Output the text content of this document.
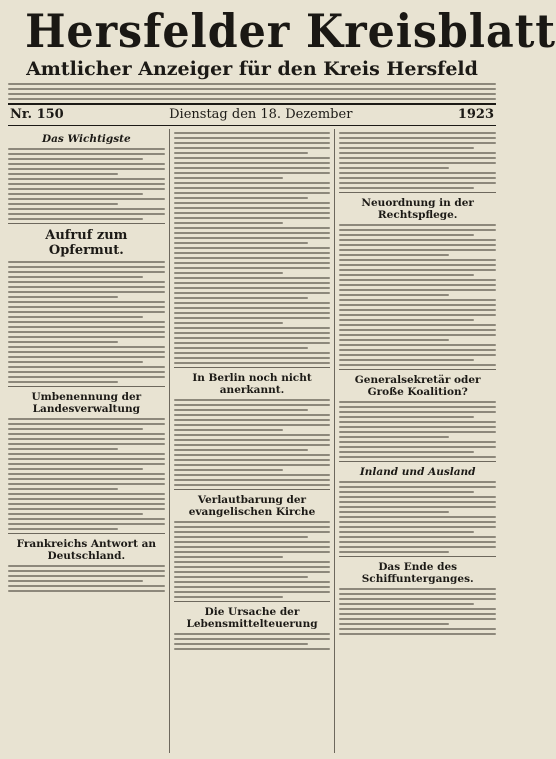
Hersfelder Kreisblatt
Amtlicher Anzeiger für den Kreis Hersfeld
Nr. 150	Dienstag den 18. Dezember	1923
Das Wichtigste
Aufruf zum Opfermut.
Umbenennung der Landesverwaltung
Frankreichs Antwort an Deutschland.
In Berlin noch nicht anerkannt.
Verlautbarung der evangelischen Kirche
Die Ursache der Lebensmittelteuerung
Neuordnung in der Rechtspflege.
Generalsekretär oder Große Koalition?
Inland und Ausland
Das Ende des Schiffunterganges.
